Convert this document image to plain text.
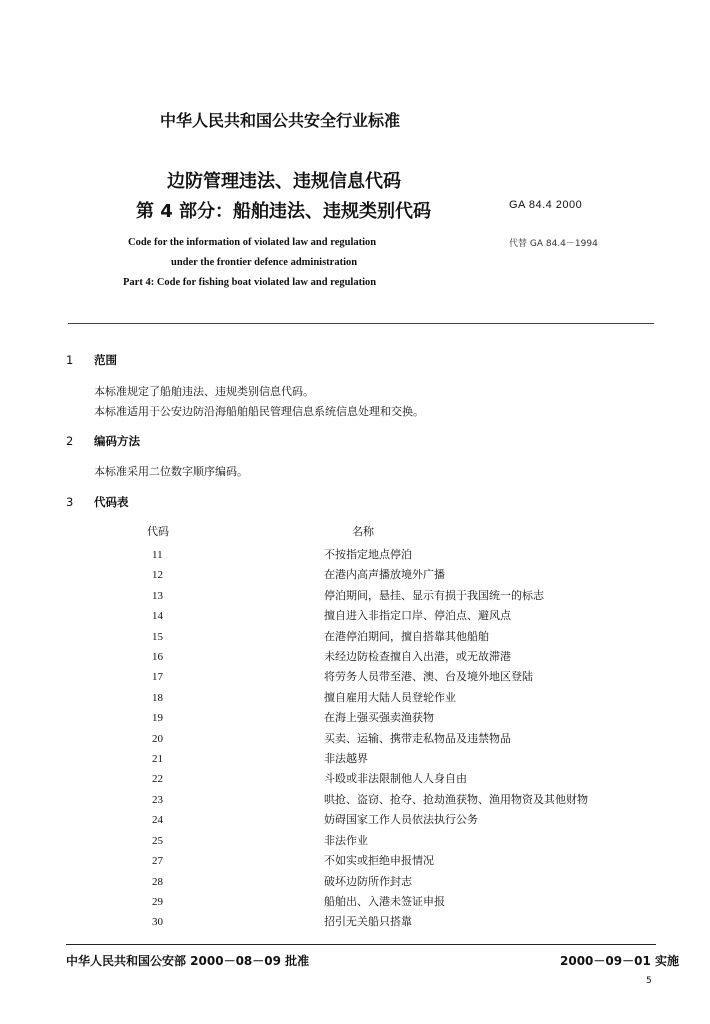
中华人民共和国公共安全行业标准
边防管理违法、违规信息代码
第 4 部分：船舶违法、违规类别代码	GA 84.4 2000
代替 GA 84.4－1994
Code for the information of violated law and regulation
under the frontier defence administration
Part 4: Code for fishing boat violated law and regulation
1 范围
本标准规定了船舶违法、违规类别信息代码。
本标准适用于公安边防沿海船舶船民管理信息系统信息处理和交换。
2 编码方法
本标准采用二位数字顺序编码。
3 代码表
代码	名称
11	不按指定地点停泊
12	在港内高声播放境外广播
13	停泊期间，悬挂、显示有损于我国统一的标志
14	擅自进入非指定口岸、停泊点、避风点
15	在港停泊期间，擅自搭靠其他船舶
16	未经边防检查擅自入出港，或无故滞港
17	将劳务人员带至港、澳、台及境外地区登陆
18	擅自雇用大陆人员登轮作业
19	在海上强买强卖渔获物
20	买卖、运输、携带走私物品及违禁物品
21	非法越界
22	斗殴或非法限制他人人身自由
23	哄抢、盗窃、抢夺、抢劫渔获物、渔用物资及其他财物
24	妨碍国家工作人员依法执行公务
25	非法作业
27	不如实或拒绝申报情况
28	破坏边防所作封志
29	船舶出、入港未签证申报
30	招引无关船只搭靠
中华人民共和国公安部 2000－08－09 批准	2000－09－01 实施
5
